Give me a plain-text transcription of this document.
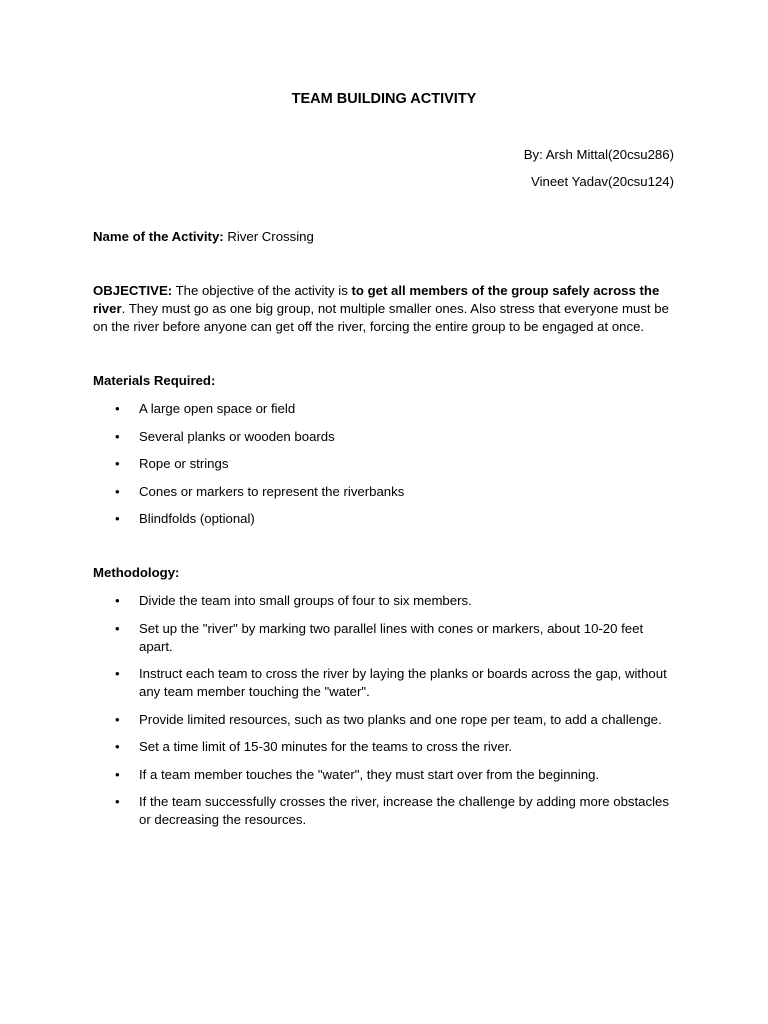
TEAM BUILDING ACTIVITY
By: Arsh Mittal(20csu286)
Vineet Yadav(20csu124)
Name of the Activity: River Crossing
OBJECTIVE: The objective of the activity is to get all members of the group safely across the river. They must go as one big group, not multiple smaller ones. Also stress that everyone must be on the river before anyone can get off the river, forcing the entire group to be engaged at once.
Materials Required:
• A large open space or field
• Several planks or wooden boards
• Rope or strings
• Cones or markers to represent the riverbanks
• Blindfolds (optional)
Methodology:
• Divide the team into small groups of four to six members.
• Set up the "river" by marking two parallel lines with cones or markers, about 10-20 feet apart.
• Instruct each team to cross the river by laying the planks or boards across the gap, without any team member touching the "water".
• Provide limited resources, such as two planks and one rope per team, to add a challenge.
• Set a time limit of 15-30 minutes for the teams to cross the river.
• If a team member touches the "water", they must start over from the beginning.
• If the team successfully crosses the river, increase the challenge by adding more obstacles or decreasing the resources.
